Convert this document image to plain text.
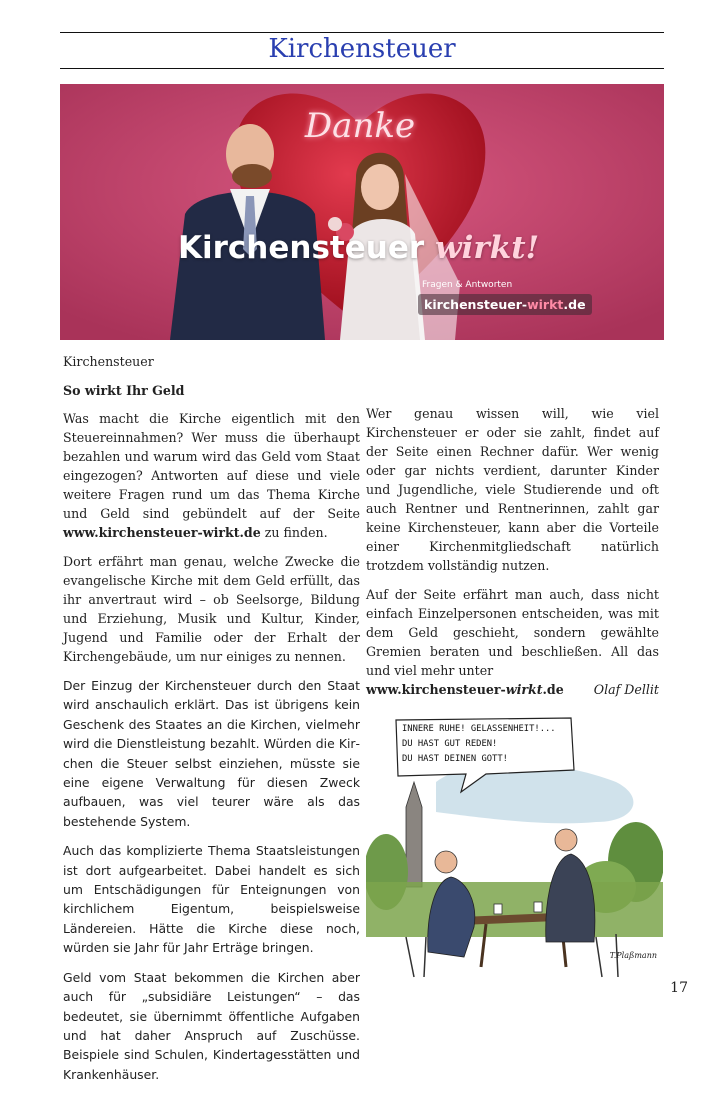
Kirchensteuer
Danke
Kirchensteuer wirkt!
Fragen & Antworten
kirchensteuer-wirkt.de

Kirchensteuer

So wirkt Ihr Geld

Was macht die Kirche eigentlich mit den Steuereinnahmen? Wer muss die überhaupt bezahlen und warum wird das Geld vom Staat eingezogen? Antworten auf diese und viele weitere Fragen rund um das Thema Kirche und Geld sind gebündelt auf der Seite www.kirchensteuer-wirkt.de zu finden.

Dort erfährt man genau, welche Zwecke die evangelische Kirche mit dem Geld erfüllt, das ihr anvertraut wird – ob Seelsorge, Bildung und Erziehung, Musik und Kultur, Kinder, Jugend und Familie oder der Erhalt der Kirchengebäude, um nur einiges zu nennen.

Der Einzug der Kirchensteuer durch den Staat wird anschaulich erklärt. Das ist übrigens kein Geschenk des Staates an die Kirchen, vielmehr wird die Dienstleistung bezahlt. Würden die Kirchen die Steuer selbst einziehen, müsste sie eine eigene Verwaltung für diesen Zweck aufbauen, was viel teurer wäre als das bestehende System.

Auch das komplizierte Thema Staatsleistungen ist dort aufgearbeitet. Dabei handelt es sich um Entschädigungen für Enteignungen von kirchlichem Eigentum, beispielsweise Ländereien. Hätte die Kirche diese noch, würden sie Jahr für Jahr Erträge bringen.

Geld vom Staat bekommen die Kirchen aber auch für „subsidiäre Leistungen“ – das bedeutet, sie übernimmt öffentliche Aufgaben und hat daher Anspruch auf Zuschüsse. Beispiele sind Schulen, Kindertagesstätten und Krankenhäuser.

Wer genau wissen will, wie viel Kirchensteuer er oder sie zahlt, findet auf der Seite einen Rechner dafür. Wer wenig oder gar nichts verdient, darunter Kinder und Jugendliche, viele Studierende und oft auch Rentner und Rentnerinnen, zahlt gar keine Kirchensteuer, kann aber die Vorteile einer Kirchenmitgliedschaft natürlich trotzdem vollständig nutzen.

Auf der Seite erfährt man auch, dass nicht einfach Einzelpersonen entscheiden, was mit dem Geld geschieht, sondern gewählte Gremien beraten und beschließen. All das und viel mehr unter

www.kirchensteuer-wirkt.de Olaf Dellit
INNERE RUHE! GELASSENHEIT!...
DU HAST GUT REDEN!
DU HAST DEINEN GOTT!
T.Plaßmann
17
